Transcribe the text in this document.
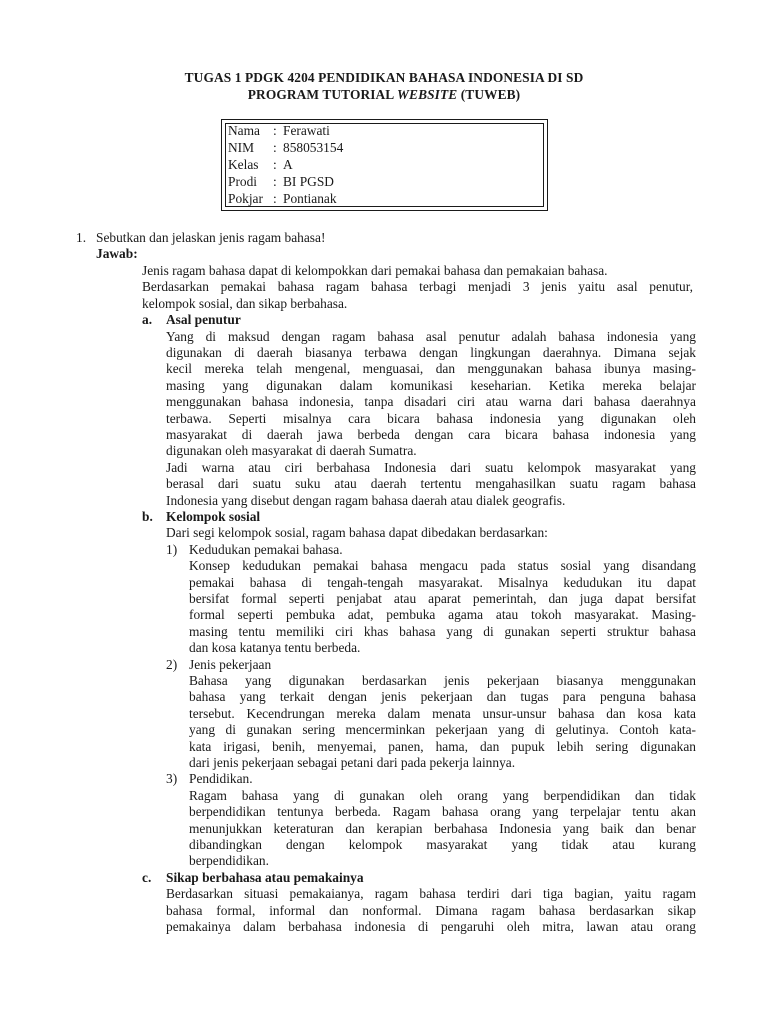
TUGAS 1 PDGK 4204 PENDIDIKAN BAHASA INDONESIA DI SD
PROGRAM TUTORIAL WEBSITE (TUWEB)
Nama : Ferawati
NIM : 858053154
Kelas : A
Prodi : BI PGSD
Pokjar : Pontianak
1. Sebutkan dan jelaskan jenis ragam bahasa!
Jawab:
Jenis ragam bahasa dapat di kelompokkan dari pemakai bahasa dan pemakaian bahasa.
Berdasarkan pemakai bahasa ragam bahasa terbagi menjadi 3 jenis yaitu asal penutur,
kelompok sosial, dan sikap berbahasa.
a. Asal penutur
Yang di maksud dengan ragam bahasa asal penutur adalah bahasa indonesia yang
digunakan di daerah biasanya terbawa dengan lingkungan daerahnya. Dimana sejak
kecil mereka telah mengenal, menguasai, dan menggunakan bahasa ibunya masing-
masing yang digunakan dalam komunikasi keseharian. Ketika mereka belajar
menggunakan bahasa indonesia, tanpa disadari ciri atau warna dari bahasa daerahnya
terbawa. Seperti misalnya cara bicara bahasa indonesia yang digunakan oleh
masyarakat di daerah jawa berbeda dengan cara bicara bahasa indonesia yang
digunakan oleh masyarakat di daerah Sumatra.
Jadi warna atau ciri berbahasa Indonesia dari suatu kelompok masyarakat yang
berasal dari suatu suku atau daerah tertentu mengahasilkan suatu ragam bahasa
Indonesia yang disebut dengan ragam bahasa daerah atau dialek geografis.
b. Kelompok sosial
Dari segi kelompok sosial, ragam bahasa dapat dibedakan berdasarkan:
1) Kedudukan pemakai bahasa.
Konsep kedudukan pemakai bahasa mengacu pada status sosial yang disandang
pemakai bahasa di tengah-tengah masyarakat. Misalnya kedudukan itu dapat
bersifat formal seperti penjabat atau aparat pemerintah, dan juga dapat bersifat
formal seperti pembuka adat, pembuka agama atau tokoh masyarakat. Masing-
masing tentu memiliki ciri khas bahasa yang di gunakan seperti struktur bahasa
dan kosa katanya tentu berbeda.
2) Jenis pekerjaan
Bahasa yang digunakan berdasarkan jenis pekerjaan biasanya menggunakan
bahasa yang terkait dengan jenis pekerjaan dan tugas para penguna bahasa
tersebut. Kecendrungan mereka dalam menata unsur-unsur bahasa dan kosa kata
yang di gunakan sering mencerminkan pekerjaan yang di gelutinya. Contoh kata-
kata irigasi, benih, menyemai, panen, hama, dan pupuk lebih sering digunakan
dari jenis pekerjaan sebagai petani dari pada pekerja lainnya.
3) Pendidikan.
Ragam bahasa yang di gunakan oleh orang yang berpendidikan dan tidak
berpendidikan tentunya berbeda. Ragam bahasa orang yang terpelajar tentu akan
menunjukkan keteraturan dan kerapian berbahasa Indonesia yang baik dan benar
dibandingkan dengan kelompok masyarakat yang tidak atau kurang
berpendidikan.
c. Sikap berbahasa atau pemakainya
Berdasarkan situasi pemakaianya, ragam bahasa terdiri dari tiga bagian, yaitu ragam
bahasa formal, informal dan nonformal. Dimana ragam bahasa berdasarkan sikap
pemakainya dalam berbahasa indonesia di pengaruhi oleh mitra, lawan atau orang
